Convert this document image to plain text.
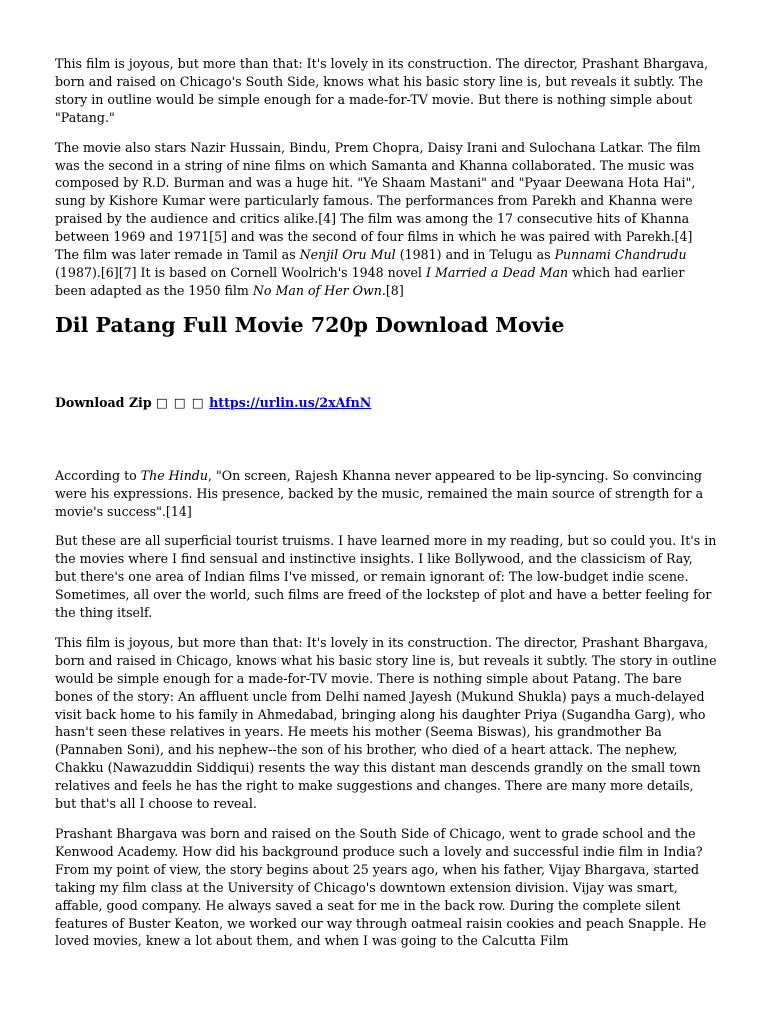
This film is joyous, but more than that: It's lovely in its construction. The director, Prashant Bhargava, born and raised on Chicago's South Side, knows what his basic story line is, but reveals it subtly. The story in outline would be simple enough for a made-for-TV movie. But there is nothing simple about "Patang."

The movie also stars Nazir Hussain, Bindu, Prem Chopra, Daisy Irani and Sulochana Latkar. The film was the second in a string of nine films on which Samanta and Khanna collaborated. The music was composed by R.D. Burman and was a huge hit. "Ye Shaam Mastani" and "Pyaar Deewana Hota Hai", sung by Kishore Kumar were particularly famous. The performances from Parekh and Khanna were praised by the audience and critics alike.[4] The film was among the 17 consecutive hits of Khanna between 1969 and 1971[5] and was the second of four films in which he was paired with Parekh.[4] The film was later remade in Tamil as Nenjil Oru Mul (1981) and in Telugu as Punnami Chandrudu (1987).[6][7] It is based on Cornell Woolrich's 1948 novel I Married a Dead Man which had earlier been adapted as the 1950 film No Man of Her Own.[8]

Dil Patang Full Movie 720p Download Movie
Download Zip □ □ □ https://urlin.us/2xAfnN

According to The Hindu, "On screen, Rajesh Khanna never appeared to be lip-syncing. So convincing were his expressions. His presence, backed by the music, remained the main source of strength for a movie's success".[14]

But these are all superficial tourist truisms. I have learned more in my reading, but so could you. It's in the movies where I find sensual and instinctive insights. I like Bollywood, and the classicism of Ray, but there's one area of Indian films I've missed, or remain ignorant of: The low-budget indie scene. Sometimes, all over the world, such films are freed of the lockstep of plot and have a better feeling for the thing itself.

This film is joyous, but more than that: It's lovely in its construction. The director, Prashant Bhargava, born and raised in Chicago, knows what his basic story line is, but reveals it subtly. The story in outline would be simple enough for a made-for-TV movie. There is nothing simple about Patang. The bare bones of the story: An affluent uncle from Delhi named Jayesh (Mukund Shukla) pays a much-delayed visit back home to his family in Ahmedabad, bringing along his daughter Priya (Sugandha Garg), who hasn't seen these relatives in years. He meets his mother (Seema Biswas), his grandmother Ba (Pannaben Soni), and his nephew--the son of his brother, who died of a heart attack. The nephew, Chakku (Nawazuddin Siddiqui) resents the way this distant man descends grandly on the small town relatives and feels he has the right to make suggestions and changes. There are many more details, but that's all I choose to reveal.

Prashant Bhargava was born and raised on the South Side of Chicago, went to grade school and the Kenwood Academy. How did his background produce such a lovely and successful indie film in India? From my point of view, the story begins about 25 years ago, when his father, Vijay Bhargava, started taking my film class at the University of Chicago's downtown extension division. Vijay was smart, affable, good company. He always saved a seat for me in the back row. During the complete silent features of Buster Keaton, we worked our way through oatmeal raisin cookies and peach Snapple. He loved movies, knew a lot about them, and when I was going to the Calcutta Film
